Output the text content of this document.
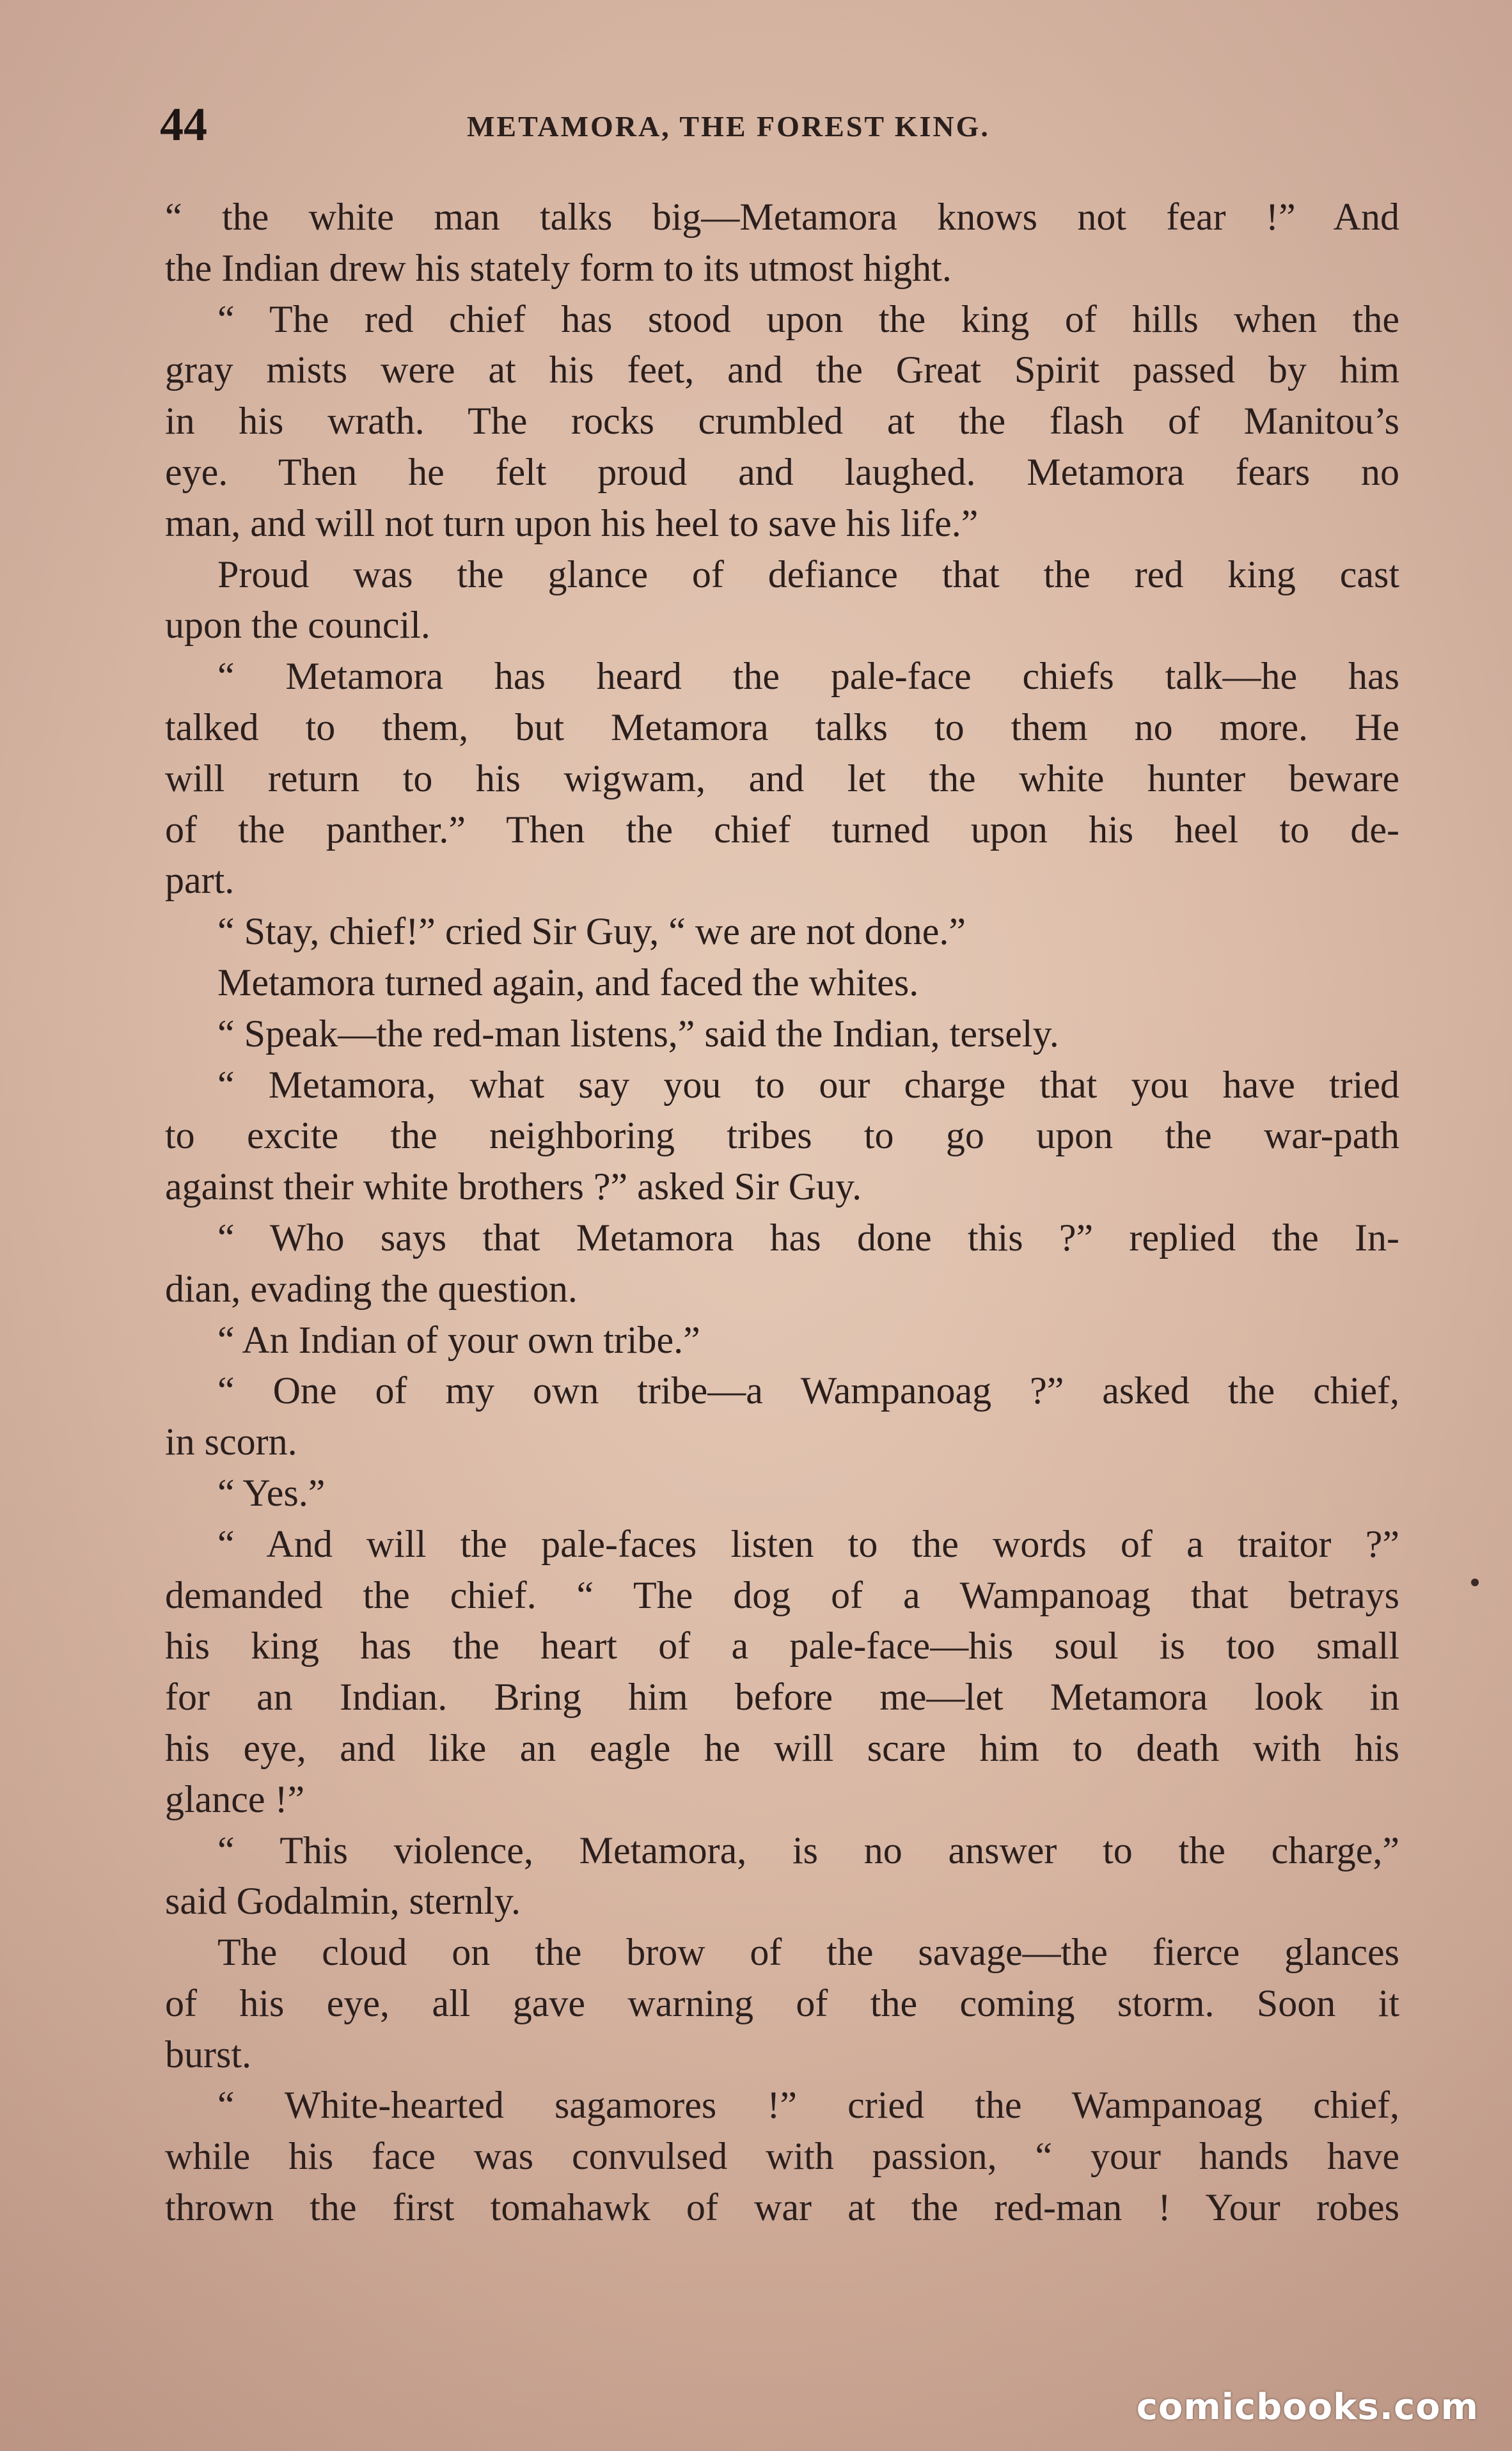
44	METAMORA, THE FOREST KING.
“ the white man talks big—Metamora knows not fear !” And
the Indian drew his stately form to its utmost hight.
“ The red chief has stood upon the king of hills when the
gray mists were at his feet, and the Great Spirit passed by him
in his wrath. The rocks crumbled at the flash of Manitou’s
eye. Then he felt proud and laughed. Metamora fears no
man, and will not turn upon his heel to save his life.”
Proud was the glance of defiance that the red king cast
upon the council.
“ Metamora has heard the pale-face chiefs talk—he has
talked to them, but Metamora talks to them no more. He
will return to his wigwam, and let the white hunter beware
of the panther.” Then the chief turned upon his heel to de-
part.
“ Stay, chief!” cried Sir Guy, “ we are not done.”
Metamora turned again, and faced the whites.
“ Speak—the red-man listens,” said the Indian, tersely.
“ Metamora, what say you to our charge that you have tried
to excite the neighboring tribes to go upon the war-path
against their white brothers ?” asked Sir Guy.
“ Who says that Metamora has done this ?” replied the In-
dian, evading the question.
“ An Indian of your own tribe.”
“ One of my own tribe—a Wampanoag ?” asked the chief,
in scorn.
“ Yes.”
“ And will the pale-faces listen to the words of a traitor ?”
demanded the chief. “ The dog of a Wampanoag that betrays
his king has the heart of a pale-face—his soul is too small
for an Indian. Bring him before me—let Metamora look in
his eye, and like an eagle he will scare him to death with his
glance !”
“ This violence, Metamora, is no answer to the charge,”
said Godalmin, sternly.
The cloud on the brow of the savage—the fierce glances
of his eye, all gave warning of the coming storm. Soon it
burst.
“ White-hearted sagamores !” cried the Wampanoag chief,
while his face was convulsed with passion, “ your hands have
thrown the first tomahawk of war at the red-man ! Your robes
comicbooks.com
